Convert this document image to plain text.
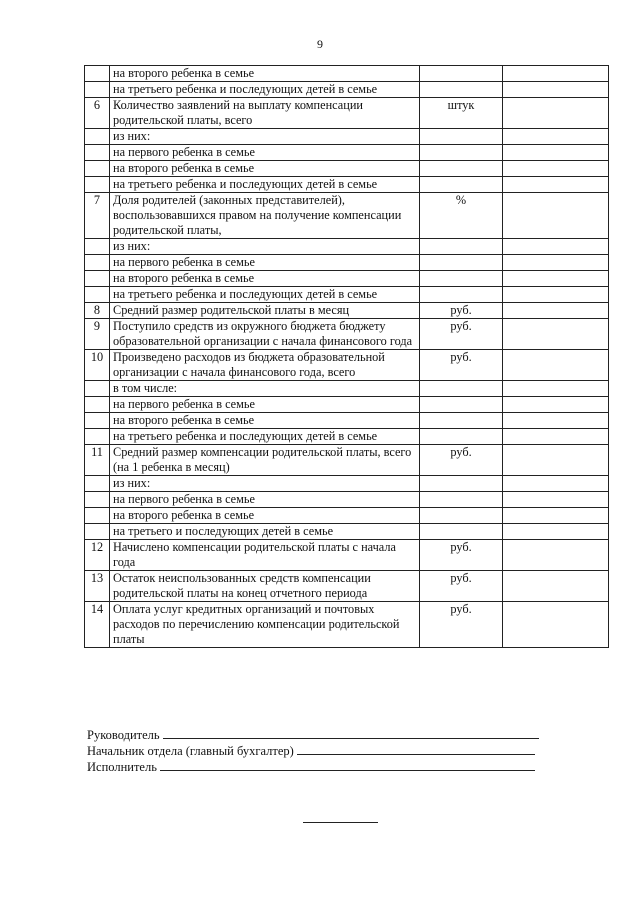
9
	на второго ребенка в семье		
	на третьего ребенка и последующих детей в семье		
6	Количество заявлений на выплату компенсации родительской платы, всего	штук	
	из них:		
	на первого ребенка в семье		
	на второго ребенка в семье		
	на третьего ребенка и последующих детей в семье		
7	Доля родителей (законных представителей), воспользовавшихся правом на получение компенсации родительской платы,	%	
	из них:		
	на первого ребенка в семье		
	на второго ребенка в семье		
	на третьего ребенка и последующих детей в семье		
8	Средний размер родительской платы в месяц	руб.	
9	Поступило средств из окружного бюджета бюджету образовательной организации с начала финансового года	руб.	
10	Произведено расходов из бюджета образовательной организации с начала финансового года, всего	руб.	
	в том числе:		
	на первого ребенка в семье		
	на второго ребенка в семье		
	на третьего ребенка и последующих детей в семье		
11	Средний размер компенсации родительской платы, всего (на 1 ребенка в месяц)	руб.	
	из них:		
	на первого ребенка в семье		
	на второго ребенка в семье		
	на третьего и последующих детей в семье		
12	Начислено компенсации родительской платы с начала года	руб.	
13	Остаток неиспользованных средств компенсации родительской платы на конец отчетного периода	руб.	
14	Оплата услуг кредитных организаций и почтовых расходов по перечислению компенсации родительской платы	руб.	
Руководитель
Начальник отдела (главный бухгалтер)
Исполнитель
